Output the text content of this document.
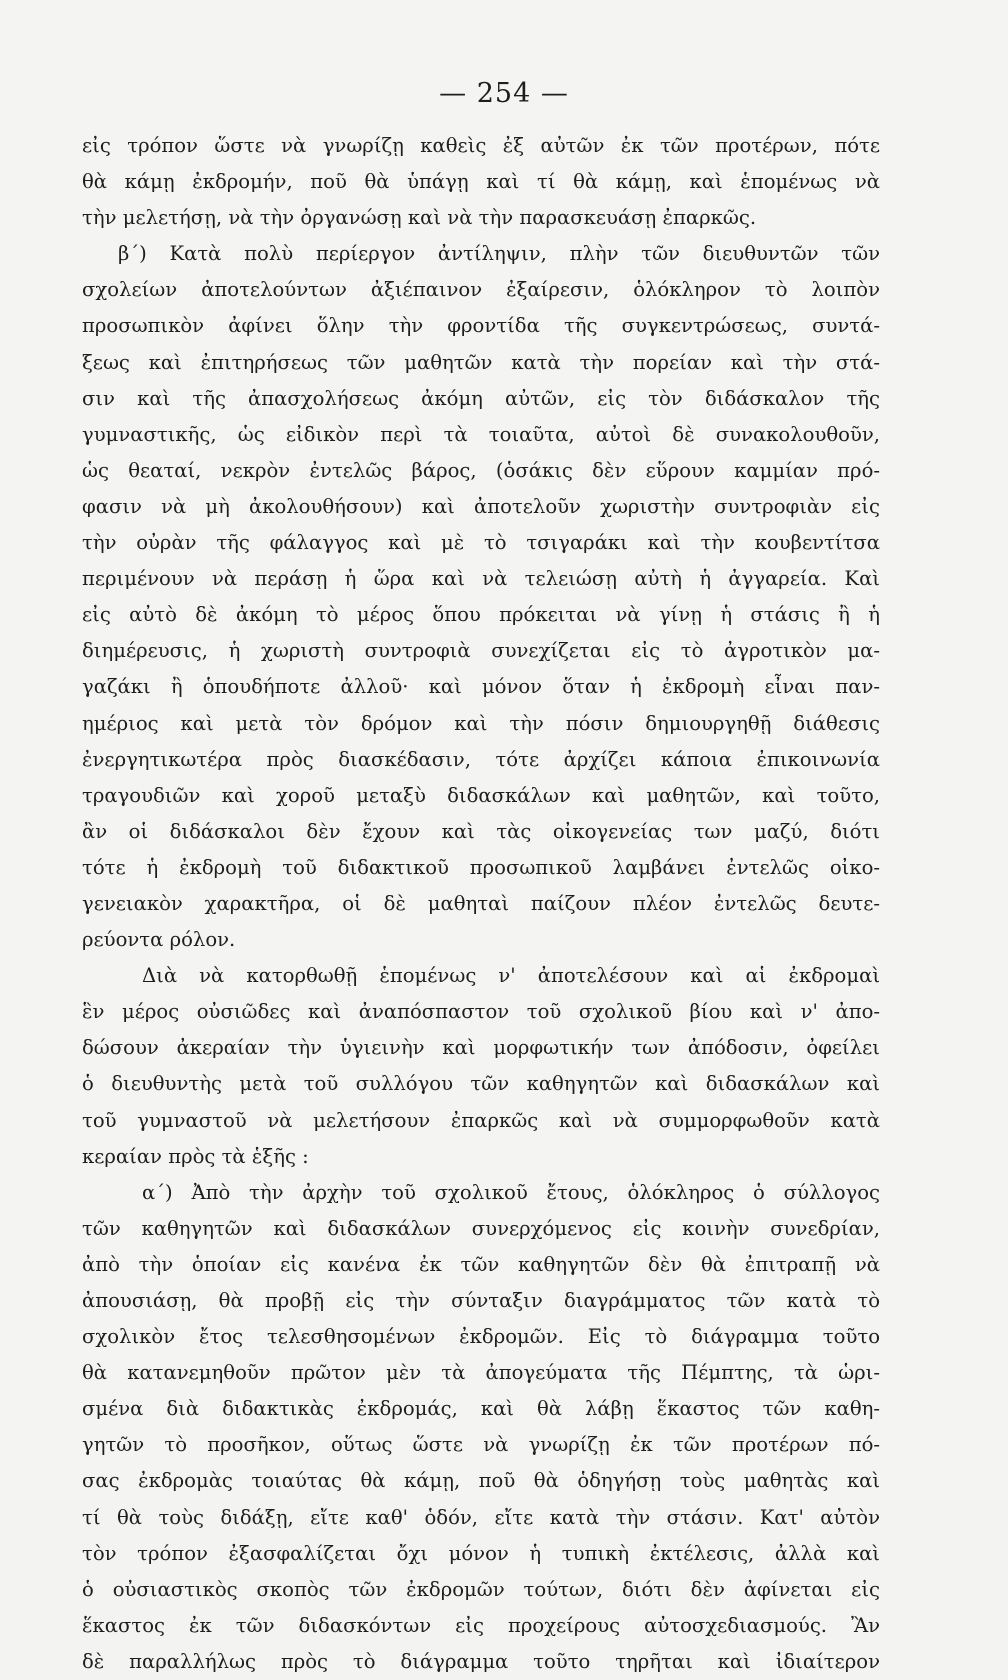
— 254 —
εἰς τρόπον ὥστε νὰ γνωρίζῃ καθεὶς ἐξ αὐτῶν ἐκ τῶν προτέρων, πότε
θὰ κάμῃ ἐκδρομήν, ποῦ θὰ ὑπάγῃ καὶ τί θὰ κάμῃ, καὶ ἑπομένως νὰ
τὴν μελετήσῃ, νὰ τὴν ὀργανώσῃ καὶ νὰ τὴν παρασκευάσῃ ἐπαρκῶς.
β΄) Κατὰ πολὺ περίεργον ἀντίληψιν, πλὴν τῶν διευθυντῶν τῶν
σχολείων ἀποτελούντων ἀξιέπαινον ἐξαίρεσιν, ὁλόκληρον τὸ λοιπὸν
προσωπικὸν ἀφίνει ὅλην τὴν φροντίδα τῆς συγκεντρώσεως, συντά-
ξεως καὶ ἐπιτηρήσεως τῶν μαθητῶν κατὰ τὴν πορείαν καὶ τὴν στά-
σιν καὶ τῆς ἀπασχολήσεως ἀκόμη αὐτῶν, εἰς τὸν διδάσκαλον τῆς
γυμναστικῆς, ὡς εἰδικὸν περὶ τὰ τοιαῦτα, αὐτοὶ δὲ συνακολουθοῦν,
ὡς θεαταί, νεκρὸν ἐντελῶς βάρος, (ὁσάκις δὲν εὕρουν καμμίαν πρό-
φασιν νὰ μὴ ἀκολουθήσουν) καὶ ἀποτελοῦν χωριστὴν συντροφιὰν εἰς
τὴν οὐρὰν τῆς φάλαγγος καὶ μὲ τὸ τσιγαράκι καὶ τὴν κουβεντίτσα
περιμένουν νὰ περάσῃ ἡ ὥρα καὶ νὰ τελειώσῃ αὐτὴ ἡ ἀγγαρεία. Καὶ
εἰς αὐτὸ δὲ ἀκόμη τὸ μέρος ὅπου πρόκειται νὰ γίνῃ ἡ στάσις ἢ ἡ
διημέρευσις, ἡ χωριστὴ συντροφιὰ συνεχίζεται εἰς τὸ ἀγροτικὸν μα-
γαζάκι ἢ ὁπουδήποτε ἀλλοῦ· καὶ μόνον ὅταν ἡ ἐκδρομὴ εἶναι παν-
ημέριος καὶ μετὰ τὸν δρόμον καὶ τὴν πόσιν δημιουργηθῇ διάθεσις
ἐνεργητικωτέρα πρὸς διασκέδασιν, τότε ἀρχίζει κάποια ἐπικοινωνία
τραγουδιῶν καὶ χοροῦ μεταξὺ διδασκάλων καὶ μαθητῶν, καὶ τοῦτο,
ἂν οἱ διδάσκαλοι δὲν ἔχουν καὶ τὰς οἰκογενείας των μαζύ, διότι
τότε ἡ ἐκδρομὴ τοῦ διδακτικοῦ προσωπικοῦ λαμβάνει ἐντελῶς οἰκο-
γενειακὸν χαρακτῆρα, οἱ δὲ μαθηταὶ παίζουν πλέον ἐντελῶς δευτε-
ρεύοντα ρόλον.
Διὰ νὰ κατορθωθῇ ἑπομένως ν' ἀποτελέσουν καὶ αἱ ἐκδρομαὶ
ἓν μέρος οὐσιῶδες καὶ ἀναπόσπαστον τοῦ σχολικοῦ βίου καὶ ν' ἀπο-
δώσουν ἀκεραίαν τὴν ὑγιεινὴν καὶ μορφωτικήν των ἀπόδοσιν, ὀφείλει
ὁ διευθυντὴς μετὰ τοῦ συλλόγου τῶν καθηγητῶν καὶ διδασκάλων καὶ
τοῦ γυμναστοῦ νὰ μελετήσουν ἐπαρκῶς καὶ νὰ συμμορφωθοῦν κατὰ
κεραίαν πρὸς τὰ ἑξῆς :
α΄) Ἀπὸ τὴν ἀρχὴν τοῦ σχολικοῦ ἔτους, ὁλόκληρος ὁ σύλλογος
τῶν καθηγητῶν καὶ διδασκάλων συνερχόμενος εἰς κοινὴν συνεδρίαν,
ἀπὸ τὴν ὁποίαν εἰς κανένα ἐκ τῶν καθηγητῶν δὲν θὰ ἐπιτραπῇ νὰ
ἀπουσιάσῃ, θὰ προβῇ εἰς τὴν σύνταξιν διαγράμματος τῶν κατὰ τὸ
σχολικὸν ἔτος τελεσθησομένων ἐκδρομῶν. Εἰς τὸ διάγραμμα τοῦτο
θὰ κατανεμηθοῦν πρῶτον μὲν τὰ ἀπογεύματα τῆς Πέμπτης, τὰ ὡρι-
σμένα διὰ διδακτικὰς ἐκδρομάς, καὶ θὰ λάβῃ ἕκαστος τῶν καθη-
γητῶν τὸ προσῆκον, οὕτως ὥστε νὰ γνωρίζῃ ἐκ τῶν προτέρων πό-
σας ἐκδρομὰς τοιαύτας θὰ κάμῃ, ποῦ θὰ ὁδηγήσῃ τοὺς μαθητὰς καὶ
τί θὰ τοὺς διδάξῃ, εἴτε καθ' ὁδόν, εἴτε κατὰ τὴν στάσιν. Κατ' αὐτὸν
τὸν τρόπον ἐξασφαλίζεται ὄχι μόνον ἡ τυπικὴ ἐκτέλεσις, ἀλλὰ καὶ
ὁ οὐσιαστικὸς σκοπὸς τῶν ἐκδρομῶν τούτων, διότι δὲν ἀφίνεται εἰς
ἕκαστος ἐκ τῶν διδασκόντων εἰς προχείρους αὐτοσχεδιασμούς. Ἂν
δὲ παραλλήλως πρὸς τὸ διάγραμμα τοῦτο τηρῆται καὶ ἰδιαίτερον
